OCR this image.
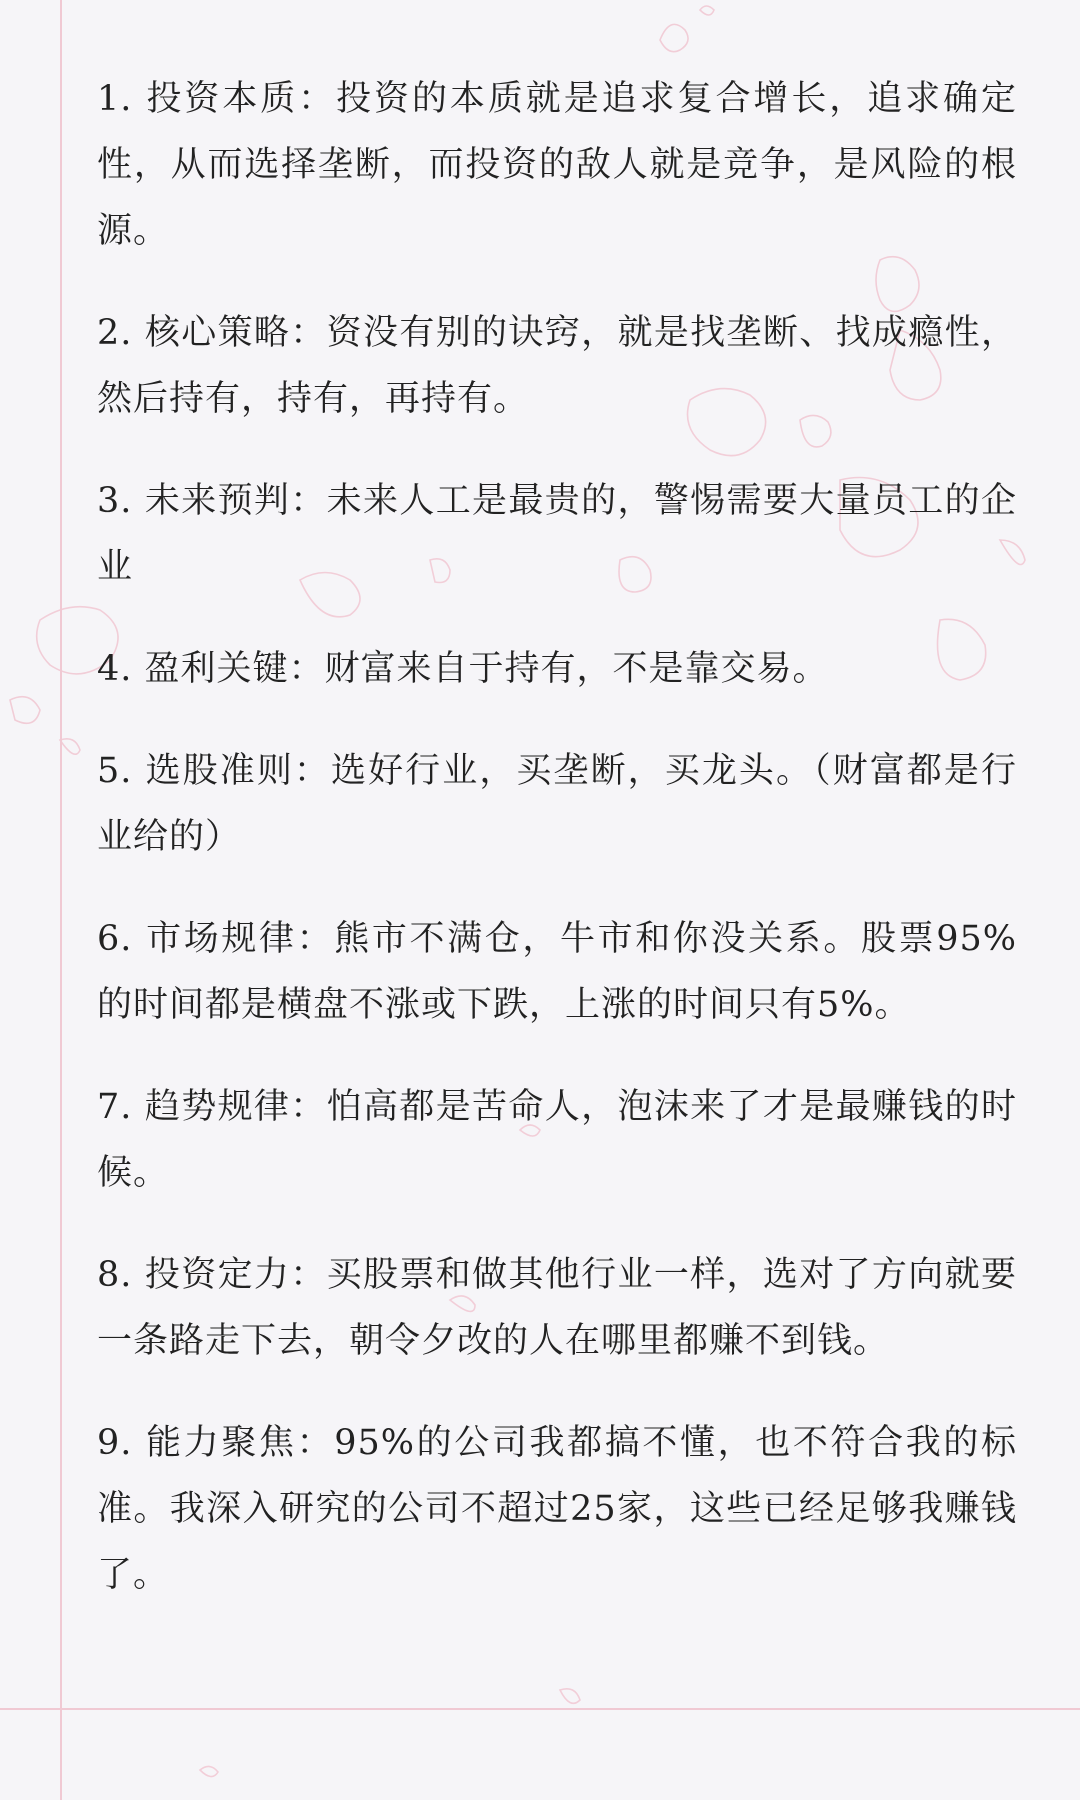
1. 投资本质：投资的本质就是追求复合增长，追求确定性，从而选择垄断，而投资的敌人就是竞争，是风险的根源。

2. 核心策略：资没有别的诀窍，就是找垄断、找成瘾性，然后持有，持有，再持有。

3. 未来预判：未来人工是最贵的，警惕需要大量员工的企业

4. 盈利关键：财富来自于持有，不是靠交易。

5. 选股准则：选好行业，买垄断，买龙头。（财富都是行业给的）

6. 市场规律：熊市不满仓，牛市和你没关系。股票95%的时间都是横盘不涨或下跌，上涨的时间只有5%。

7. 趋势规律：怕高都是苦命人，泡沫来了才是最赚钱的时候。

8. 投资定力：买股票和做其他行业一样，选对了方向就要一条路走下去，朝令夕改的人在哪里都赚不到钱。

9. 能力聚焦：95%的公司我都搞不懂，也不符合我的标准。我深入研究的公司不超过25家，这些已经足够我赚钱了。
